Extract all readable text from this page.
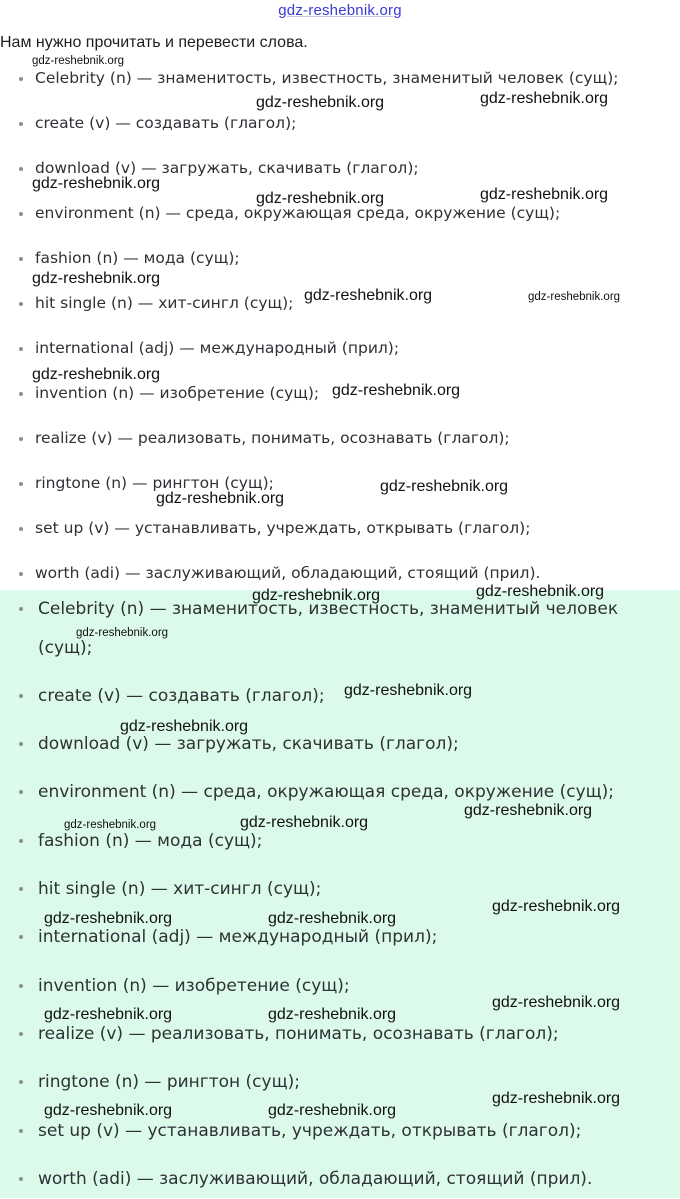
gdz-reshebnik.org
Нам нужно прочитать и перевести слова.
Celebrity (n) — знаменитость, известность, знаменитый человек (сущ);
create (v) — создавать (глагол);
download (v) — загружать, скачивать (глагол);
environment (n) — среда, окружающая среда, окружение (сущ);
fashion (n) — мода (сущ);
hit single (n) — хит-сингл (сущ);
international (adj) — международный (прил);
invention (n) — изобретение (сущ);
realize (v) — реализовать, понимать, осознавать (глагол);
ringtone (n) — рингтон (сущ);
set up (v) — устанавливать, учреждать, открывать (глагол);
worth (adi) — заслуживающий, обладающий, стоящий (прил).
Celebrity (n) — знаменитость, известность, знаменитый человек (сущ);
create (v) — создавать (глагол);
download (v) — загружать, скачивать (глагол);
environment (n) — среда, окружающая среда, окружение (сущ);
fashion (n) — мода (сущ);
hit single (n) — хит-сингл (сущ);
international (adj) — международный (прил);
invention (n) — изобретение (сущ);
realize (v) — реализовать, понимать, осознавать (глагол);
ringtone (n) — рингтон (сущ);
set up (v) — устанавливать, учреждать, открывать (глагол);
worth (adi) — заслуживающий, обладающий, стоящий (прил).
gdz-reshebnik.org
gdz-reshebnik.org	gdz-reshebnik.org
gdz-reshebnik.org
gdz-reshebnik.org	gdz-reshebnik.org
gdz-reshebnik.org
gdz-reshebnik.org	gdz-reshebnik.org
gdz-reshebnik.org
gdz-reshebnik.org
gdz-reshebnik.org
gdz-reshebnik.org
gdz-reshebnik.org	gdz-reshebnik.org
gdz-reshebnik.org
gdz-reshebnik.org
gdz-reshebnik.org
gdz-reshebnik.org
gdz-reshebnik.org	gdz-reshebnik.org
gdz-reshebnik.org
gdz-reshebnik.org	gdz-reshebnik.org
gdz-reshebnik.org
gdz-reshebnik.org	gdz-reshebnik.org
gdz-reshebnik.org
gdz-reshebnik.org	gdz-reshebnik.org
